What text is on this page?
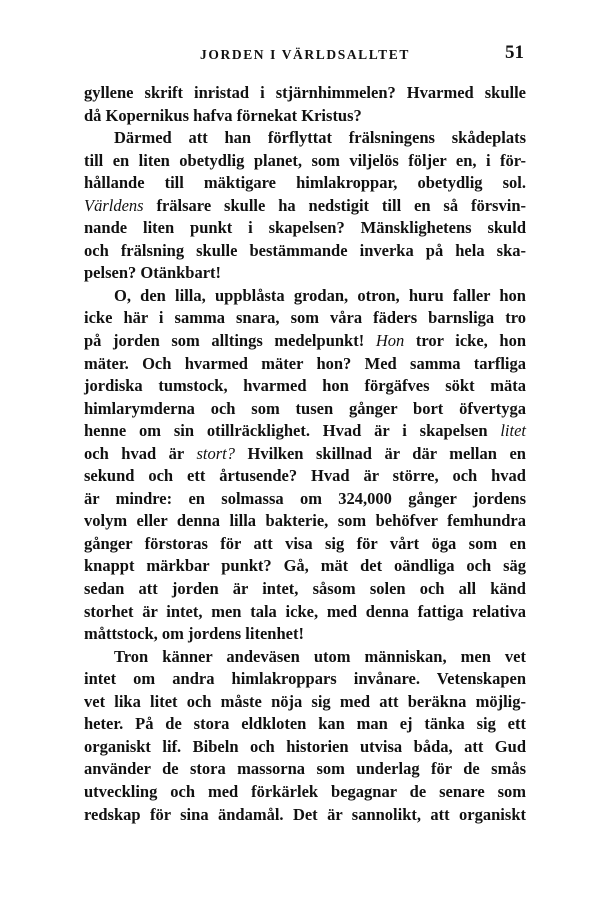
JORDEN I VÄRLDSALLTET	51
gyllene skrift inristad i stjärnhimmelen? Hvarmed skulle
då Kopernikus hafva förnekat Kristus?
Därmed att han förflyttat frälsningens skådeplats
till en liten obetydlig planet, som viljelös följer en, i för-
hållande till mäktigare himlakroppar, obetydlig sol.
Världens frälsare skulle ha nedstigit till en så försvin-
nande liten punkt i skapelsen? Mänsklighetens skuld
och frälsning skulle bestämmande inverka på hela ska-
pelsen? Otänkbart!
O, den lilla, uppblåsta grodan, otron, huru faller hon
icke här i samma snara, som våra fäders barnsliga tro
på jorden som alltings medelpunkt! Hon tror icke, hon
mäter. Och hvarmed mäter hon? Med samma tarfliga
jordiska tumstock, hvarmed hon förgäfves sökt mäta
himlarymderna och som tusen gånger bort öfvertyga
henne om sin otillräcklighet. Hvad är i skapelsen litet
och hvad är stort? Hvilken skillnad är där mellan en
sekund och ett årtusende? Hvad är större, och hvad
är mindre: en solmassa om 324,000 gånger jordens
volym eller denna lilla bakterie, som behöfver femhundra
gånger förstoras för att visa sig för vårt öga som en
knappt märkbar punkt? Gå, mät det oändliga och säg
sedan att jorden är intet, såsom solen och all känd
storhet är intet, men tala icke, med denna fattiga relativa
måttstock, om jordens litenhet!
Tron känner andeväsen utom människan, men vet
intet om andra himlakroppars invånare. Vetenskapen
vet lika litet och måste nöja sig med att beräkna möjlig-
heter. På de stora eldkloten kan man ej tänka sig ett
organiskt lif. Bibeln och historien utvisa båda, att Gud
använder de stora massorna som underlag för de smås
utveckling och med förkärlek begagnar de senare som
redskap för sina ändamål. Det är sannolikt, att organiskt
